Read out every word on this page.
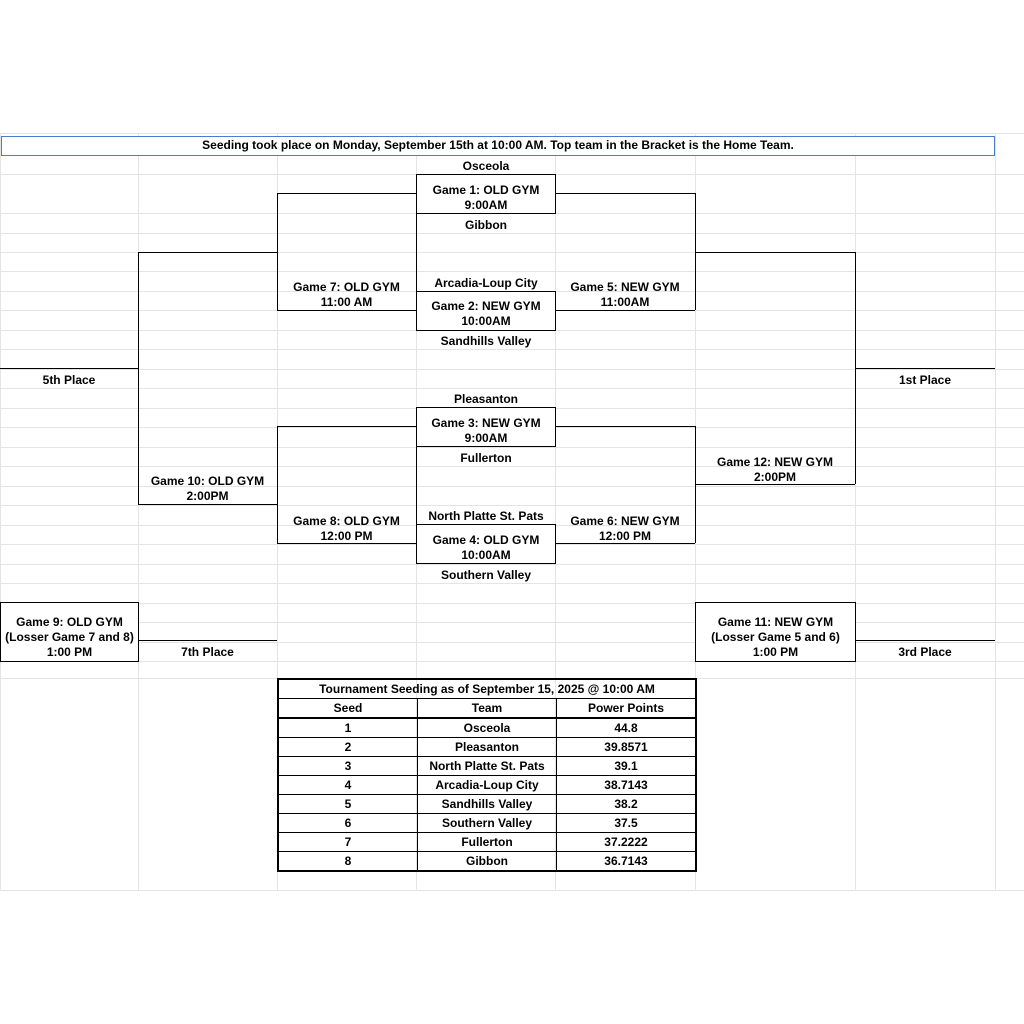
Seeding took place on Monday, September 15th at 10:00 AM. Top team in the Bracket is the Home Team.
Osceola
Gibbon
Arcadia-Loup City
Sandhills Valley
Pleasanton
Fullerton
North Platte St. Pats
Southern Valley
Game 1: OLD GYM
9:00AM
Game 2: NEW GYM
10:00AM
Game 3: NEW GYM
9:00AM
Game 4: OLD GYM
10:00AM
Game 5: NEW GYM
11:00AM
Game 6: NEW GYM
12:00 PM
Game 7: OLD GYM
11:00 AM
Game 8: OLD GYM
12:00 PM
Game 10: OLD GYM
2:00PM
Game 12: NEW GYM
2:00PM
Game 9: OLD GYM
(Losser Game 7 and 8)
1:00 PM
Game 11: NEW GYM
(Losser Game 5 and 6)
1:00 PM
5th Place	1st Place
7th Place	3rd Place
Tournament Seeding as of September 15, 2025 @ 10:00 AM		
Seed	Team	Power Points
1	Osceola	44.8
2	Pleasanton	39.8571
3	North Platte St. Pats	39.1
4	Arcadia-Loup City	38.7143
5	Sandhills Valley	38.2
6	Southern Valley	37.5
7	Fullerton	37.2222
8	Gibbon	36.7143
